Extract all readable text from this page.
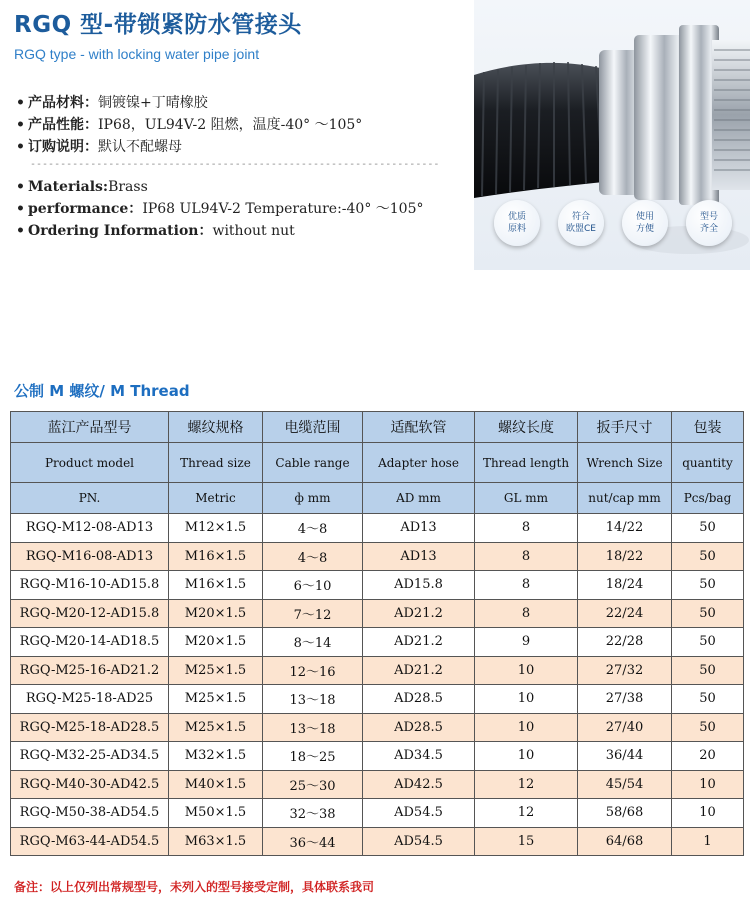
RGQ 型-带锁紧防水管接头
RGQ type - with locking water pipe joint
• 产品材料：铜镀镍+丁晴橡胶
• 产品性能：IP68，UL94V-2 阻燃，温度-40° ～105°
• 订购说明：默认不配螺母
--------------------------------------------------------------------
• Materials:Brass
• performance：IP68 UL94V-2 Temperature:-40° ～105°
• Ordering Information：without nut
优质
原料
符合
欧盟CE
使用
方便
型号
齐全
公制 M 螺纹/ M Thread
蓝江产品型号	螺纹规格	电缆范围	适配软管	螺纹长度	扳手尺寸	包装
Product model	Thread size	Cable range	Adapter hose	Thread length	Wrench Size	quantity
PN.	Metric	ф mm	AD mm	GL mm	nut/cap mm	Pcs/bag
RGQ-M12-08-AD13	M12×1.5	4～8	AD13	8	14/22	50
RGQ-M16-08-AD13	M16×1.5	4～8	AD13	8	18/22	50
RGQ-M16-10-AD15.8	M16×1.5	6～10	AD15.8	8	18/24	50
RGQ-M20-12-AD15.8	M20×1.5	7～12	AD21.2	8	22/24	50
RGQ-M20-14-AD18.5	M20×1.5	8～14	AD21.2	9	22/28	50
RGQ-M25-16-AD21.2	M25×1.5	12～16	AD21.2	10	27/32	50
RGQ-M25-18-AD25	M25×1.5	13～18	AD28.5	10	27/38	50
RGQ-M25-18-AD28.5	M25×1.5	13～18	AD28.5	10	27/40	50
RGQ-M32-25-AD34.5	M32×1.5	18～25	AD34.5	10	36/44	20
RGQ-M40-30-AD42.5	M40×1.5	25～30	AD42.5	12	45/54	10
RGQ-M50-38-AD54.5	M50×1.5	32～38	AD54.5	12	58/68	10
RGQ-M63-44-AD54.5	M63×1.5	36～44	AD54.5	15	64/68	1
备注：以上仅列出常规型号，未列入的型号接受定制，具体联系我司
